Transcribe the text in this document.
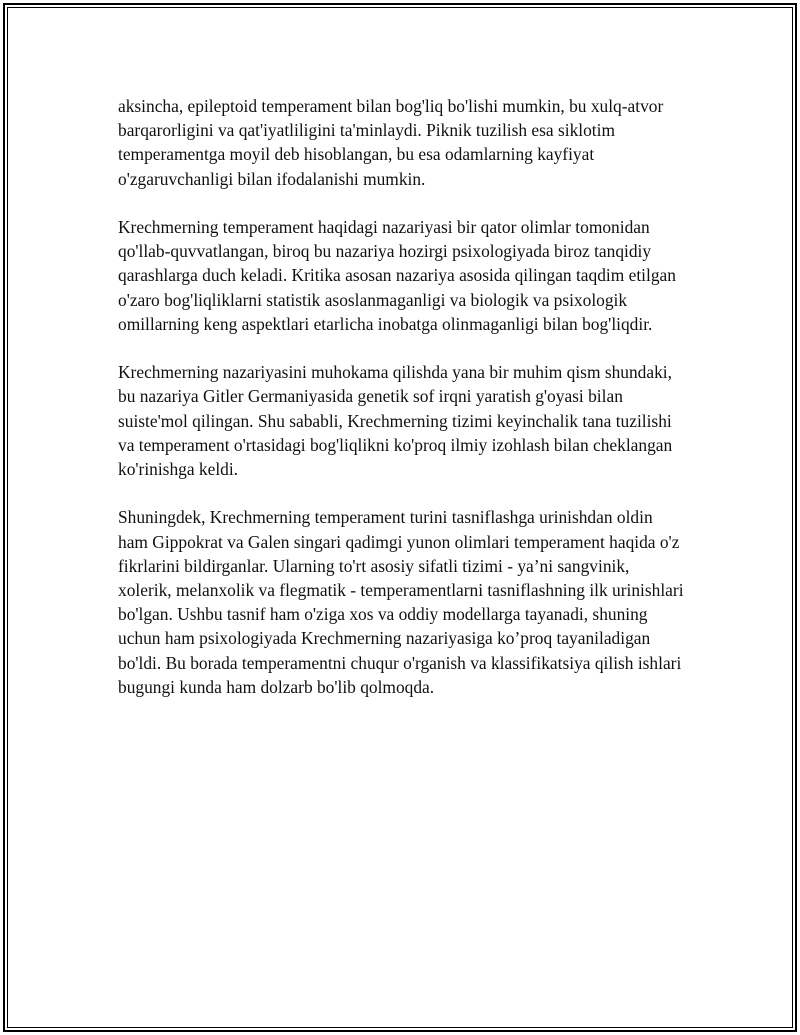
aksincha, epileptoid temperament bilan bog'liq bo'lishi mumkin, bu xulq-atvor barqarorligini va qat'iyatliligini ta'minlaydi. Piknik tuzilish esa siklotim temperamentga moyil deb hisoblangan, bu esa odamlarning kayfiyat o'zgaruvchanligi bilan ifodalanishi mumkin.

Krechmerning temperament haqidagi nazariyasi bir qator olimlar tomonidan qo'llab-quvvatlangan, biroq bu nazariya hozirgi psixologiyada biroz tanqidiy qarashlarga duch keladi. Kritika asosan nazariya asosida qilingan taqdim etilgan o'zaro bog'liqliklarni statistik asoslanmaganligi va biologik va psixologik omillarning keng aspektlari etarlicha inobatga olinmaganligi bilan bog'liqdir.

Krechmerning nazariyasini muhokama qilishda yana bir muhim qism shundaki, bu nazariya Gitler Germaniyasida genetik sof irqni yaratish g'oyasi bilan suiste'mol qilingan. Shu sababli, Krechmerning tizimi keyinchalik tana tuzilishi va temperament o'rtasidagi bog'liqlikni ko'proq ilmiy izohlash bilan cheklangan ko'rinishga keldi.

Shuningdek, Krechmerning temperament turini tasniflashga urinishdan oldin ham Gippokrat va Galen singari qadimgi yunon olimlari temperament haqida o'z fikrlarini bildirganlar. Ularning to'rt asosiy sifatli tizimi - ya’ni sangvinik, xolerik, melanxolik va flegmatik - temperamentlarni tasniflashning ilk urinishlari bo'lgan. Ushbu tasnif ham o'ziga xos va oddiy modellarga tayanadi, shuning uchun ham psixologiyada Krechmerning nazariyasiga ko’proq tayaniladigan bo'ldi. Bu borada temperamentni chuqur o'rganish va klassifikatsiya qilish ishlari bugungi kunda ham dolzarb bo'lib qolmoqda.
